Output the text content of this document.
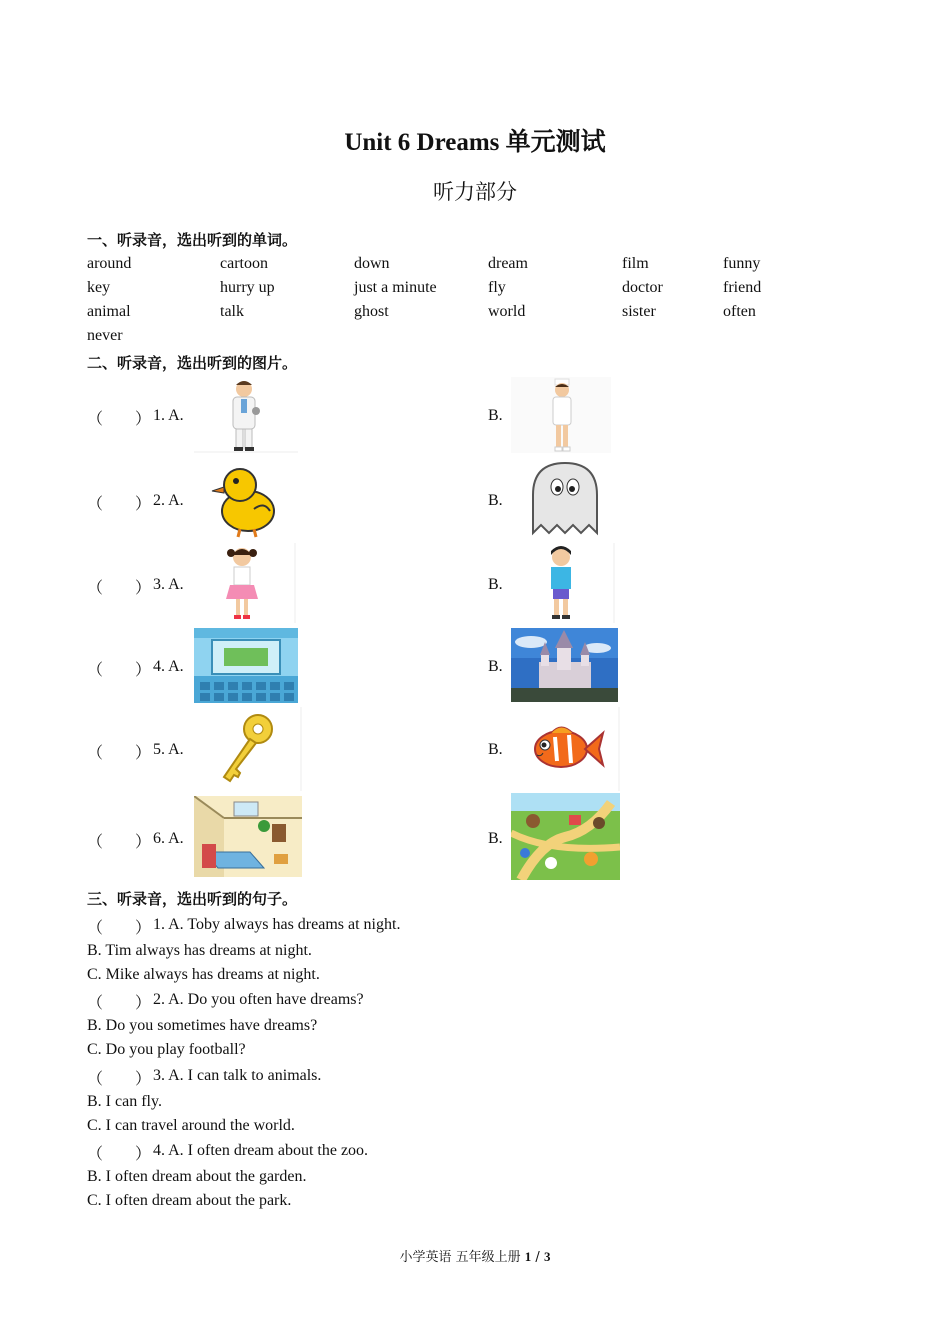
Unit 6 Dreams 单元测试
听力部分
一、听录音，选出听到的单词。
around	cartoon	down	dream	film	funny
key	hurry up	just a minute	fly	doctor	friend
animal	talk	ghost	world	sister	often
never
二、听录音，选出听到的图片。
（　　） 1. A.	B.
（　　） 2. A.	B.
（　　） 3. A.	B.
（　　） 4. A.	B.
（　　） 5. A.	B.
（　　） 6. A.	B.
三、听录音，选出听到的句子。
（　　） 1. A. Toby always has dreams at night.
B. Tim always has dreams at night.
C. Mike always has dreams at night.
（　　） 2. A. Do you often have dreams?
B. Do you sometimes have dreams?
C. Do you play football?
（　　） 3. A. I can talk to animals.
B. I can fly.
C. I can travel around the world.
（　　） 4. A. I often dream about the zoo.
B. I often dream about the garden.
C. I often dream about the park.
小学英语 五年级上册 1 / 3
